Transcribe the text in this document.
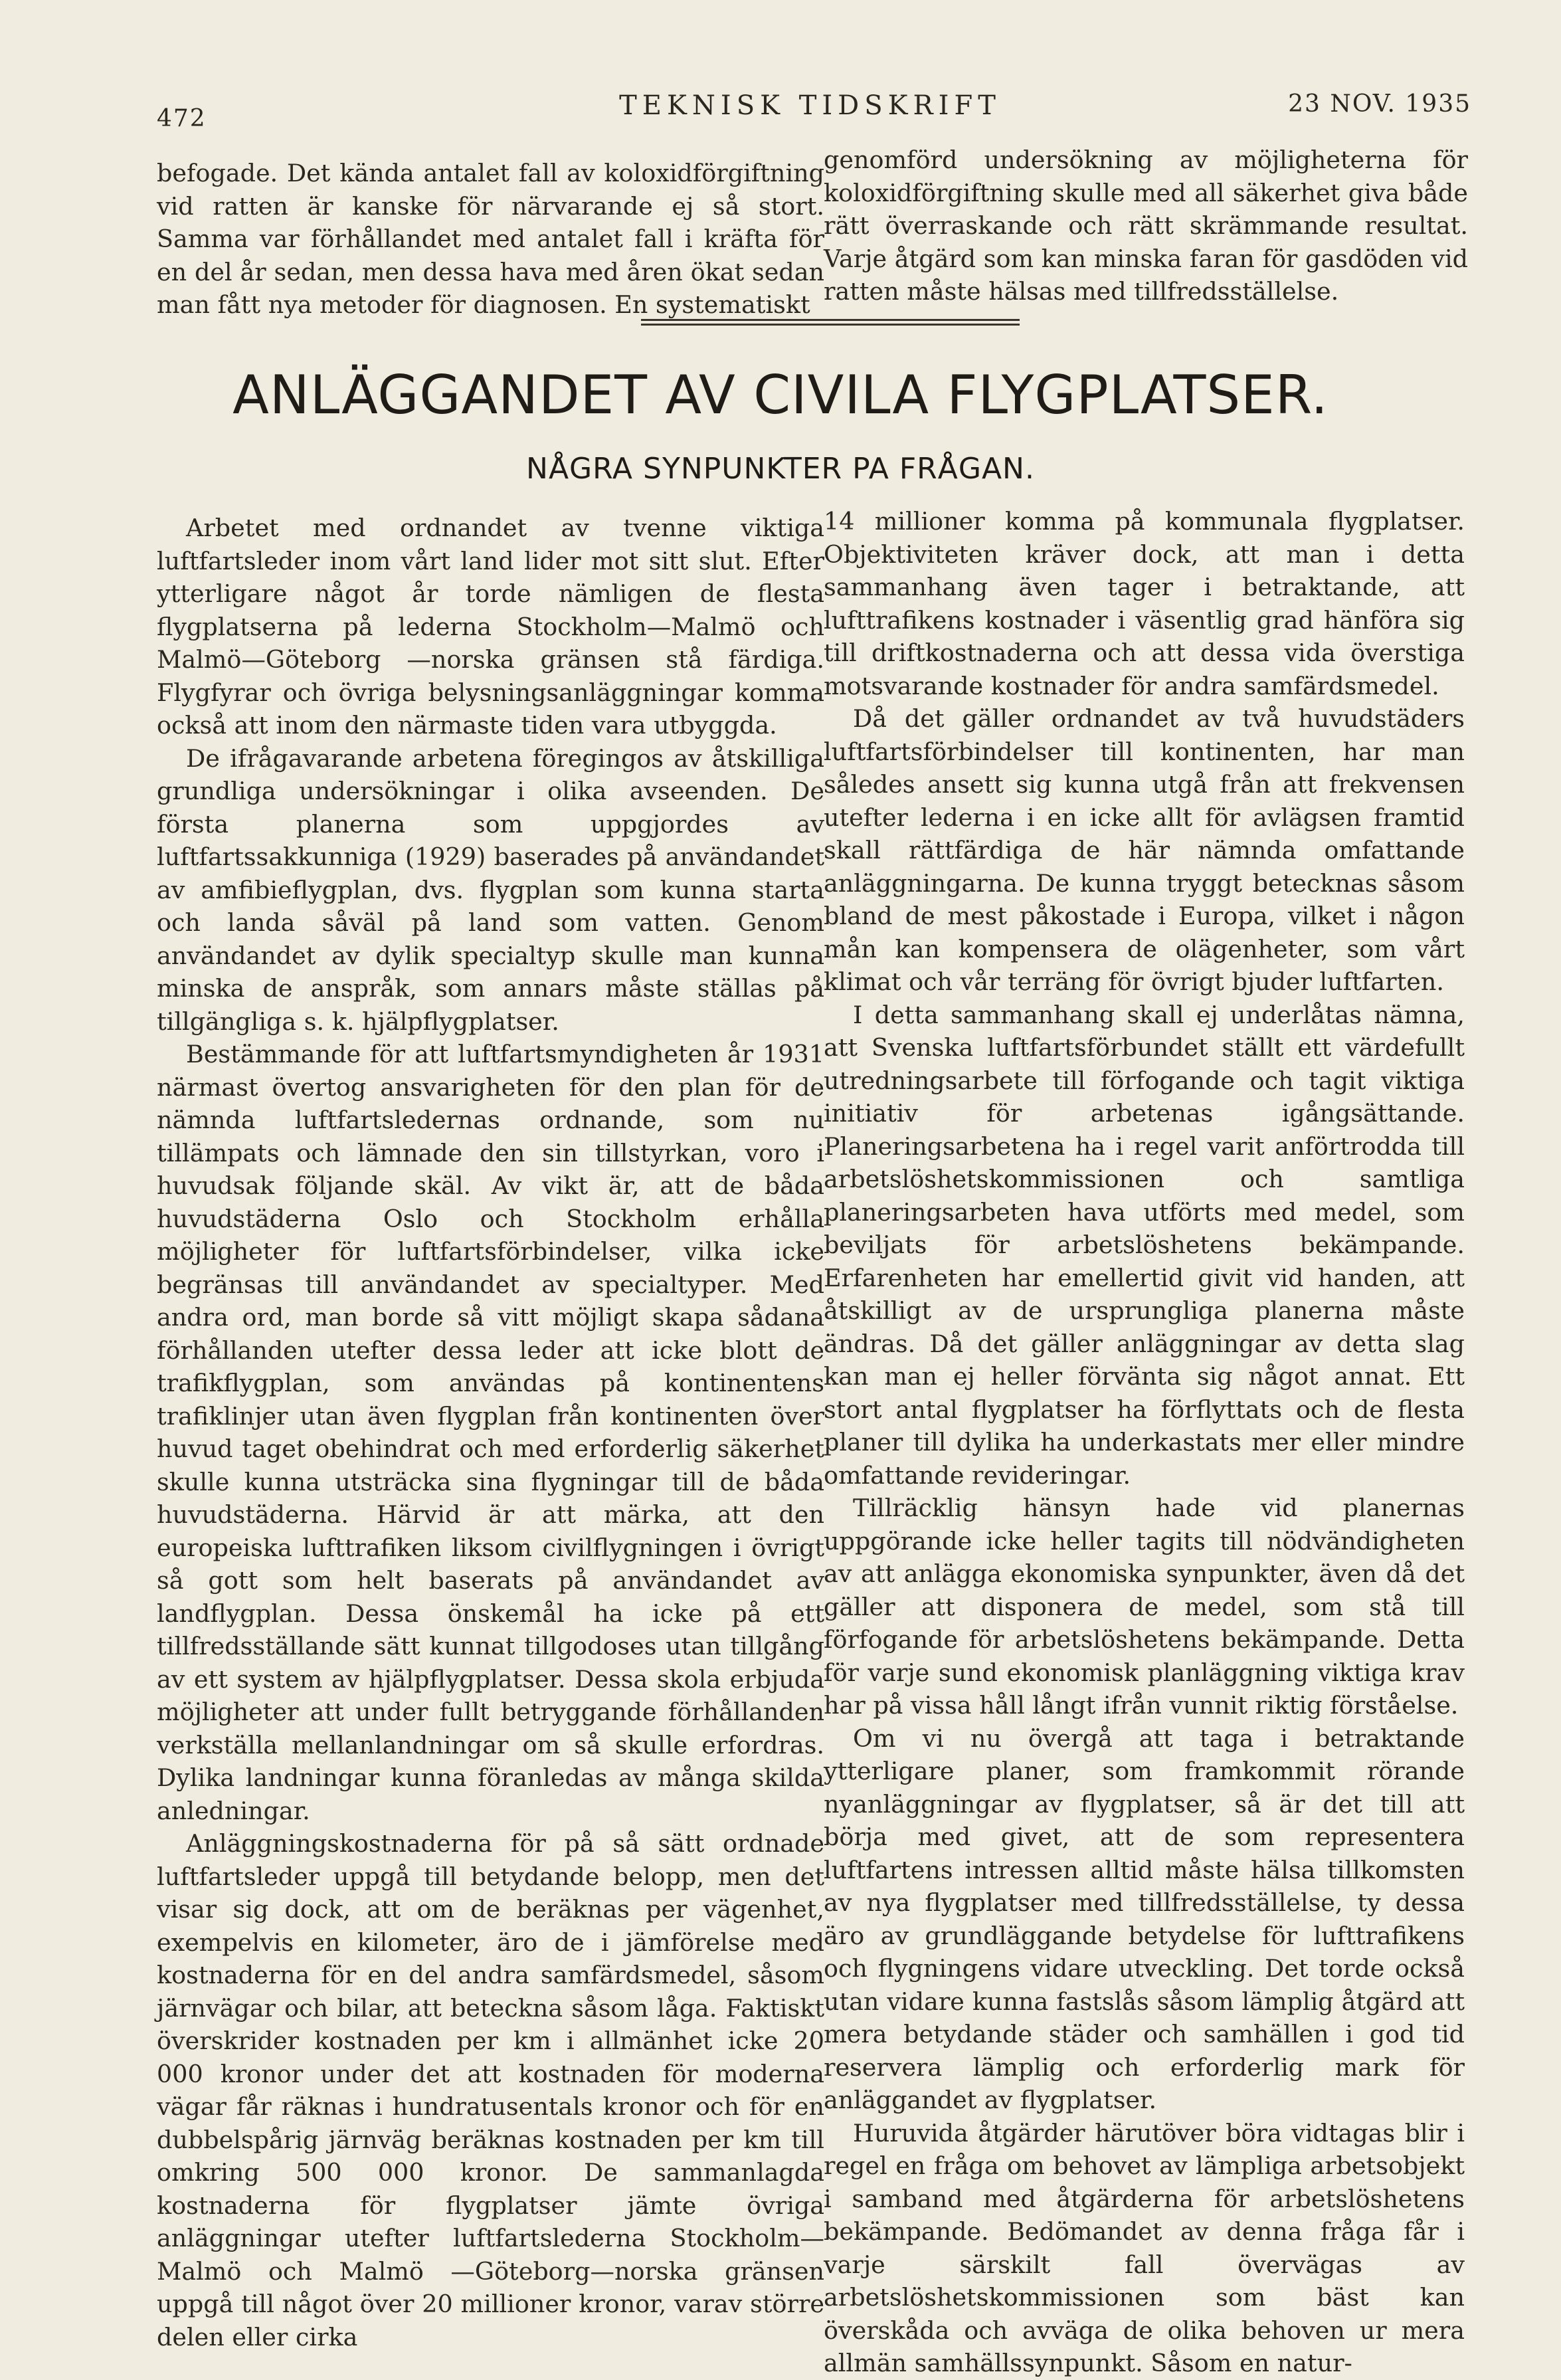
472	TEKNISK TIDSKRIFT	23 NOV. 1935

befogade. Det kända antalet fall av koloxidförgiftning vid ratten är kanske för närvarande ej så stort. Samma var förhållandet med antalet fall i kräfta för en del år sedan, men dessa hava med åren ökat sedan man fått nya metoder för diagnosen. En systematiskt

genomförd undersökning av möjligheterna för koloxidförgiftning skulle med all säkerhet giva både rätt överraskande och rätt skrämmande resultat. Varje åtgärd som kan minska faran för gasdöden vid ratten måste hälsas med tillfredsställelse.

ANLÄGGANDET AV CIVILA FLYGPLATSER.
NÅGRA SYNPUNKTER PA FRÅGAN.

Arbetet med ordnandet av tvenne viktiga luftfartsleder inom vårt land lider mot sitt slut. Efter ytterligare något år torde nämligen de flesta flygplatserna på lederna Stockholm—Malmö och Malmö—Göteborg —norska gränsen stå färdiga. Flygfyrar och övriga belysningsanläggningar komma också att inom den närmaste tiden vara utbyggda.

De ifrågavarande arbetena föregingos av åtskilliga grundliga undersökningar i olika avseenden. De första planerna som uppgjordes av luftfartssakkunniga (1929) baserades på användandet av amfibieflygplan, dvs. flygplan som kunna starta och landa såväl på land som vatten. Genom användandet av dylik specialtyp skulle man kunna minska de anspråk, som annars måste ställas på tillgängliga s. k. hjälpflygplatser.

Bestämmande för att luftfartsmyndigheten år 1931 närmast övertog ansvarigheten för den plan för de nämnda luftfartsledernas ordnande, som nu tillämpats och lämnade den sin tillstyrkan, voro i huvudsak följande skäl. Av vikt är, att de båda huvudstäderna Oslo och Stockholm erhålla möjligheter för luftfartsförbindelser, vilka icke begränsas till användandet av specialtyper. Med andra ord, man borde så vitt möjligt skapa sådana förhållanden utefter dessa leder att icke blott de trafikflygplan, som användas på kontinentens trafiklinjer utan även flygplan från kontinenten över huvud taget obehindrat och med erforderlig säkerhet skulle kunna utsträcka sina flygningar till de båda huvudstäderna. Härvid är att märka, att den europeiska lufttrafiken liksom civilflygningen i övrigt så gott som helt baserats på användandet av landflygplan. Dessa önskemål ha icke på ett tillfredsställande sätt kunnat tillgodoses utan tillgång av ett system av hjälpflygplatser. Dessa skola erbjuda möjligheter att under fullt betryggande förhållanden verkställa mellanlandningar om så skulle erfordras. Dylika landningar kunna föranledas av många skilda anledningar.

Anläggningskostnaderna för på så sätt ordnade luftfartsleder uppgå till betydande belopp, men det visar sig dock, att om de beräknas per vägenhet, exempelvis en kilometer, äro de i jämförelse med kostnaderna för en del andra samfärdsmedel, såsom järnvägar och bilar, att beteckna såsom låga. Faktiskt överskrider kostnaden per km i allmänhet icke 20 000 kronor under det att kostnaden för moderna vägar får räknas i hundratusentals kronor och för en dubbelspårig järnväg beräknas kostnaden per km till omkring 500 000 kronor. De sammanlagda kostnaderna för flygplatser jämte övriga anläggningar utefter luftfartslederna Stockholm—Malmö och Malmö —Göteborg—norska gränsen uppgå till något över 20 millioner kronor, varav större delen eller cirka

14 millioner komma på kommunala flygplatser. Objektiviteten kräver dock, att man i detta sammanhang även tager i betraktande, att lufttrafikens kostnader i väsentlig grad hänföra sig till driftkostnaderna och att dessa vida överstiga motsvarande kostnader för andra samfärdsmedel.

Då det gäller ordnandet av två huvudstäders luftfartsförbindelser till kontinenten, har man således ansett sig kunna utgå från att frekvensen utefter lederna i en icke allt för avlägsen framtid skall rättfärdiga de här nämnda omfattande anläggningarna. De kunna tryggt betecknas såsom bland de mest påkostade i Europa, vilket i någon mån kan kompensera de olägenheter, som vårt klimat och vår terräng för övrigt bjuder luftfarten.

I detta sammanhang skall ej underlåtas nämna, att Svenska luftfartsförbundet ställt ett värdefullt utredningsarbete till förfogande och tagit viktiga initiativ för arbetenas igångsättande. Planeringsarbetena ha i regel varit anförtrodda till arbetslöshetskommissionen och samtliga planeringsarbeten hava utförts med medel, som beviljats för arbetslöshetens bekämpande. Erfarenheten har emellertid givit vid handen, att åtskilligt av de ursprungliga planerna måste ändras. Då det gäller anläggningar av detta slag kan man ej heller förvänta sig något annat. Ett stort antal flygplatser ha förflyttats och de flesta planer till dylika ha underkastats mer eller mindre omfattande revideringar.

Tillräcklig hänsyn hade vid planernas uppgörande icke heller tagits till nödvändigheten av att anlägga ekonomiska synpunkter, även då det gäller att disponera de medel, som stå till förfogande för arbetslöshetens bekämpande. Detta för varje sund ekonomisk planläggning viktiga krav har på vissa håll långt ifrån vunnit riktig förståelse.

Om vi nu övergå att taga i betraktande ytterligare planer, som framkommit rörande nyanläggningar av flygplatser, så är det till att börja med givet, att de som representera luftfartens intressen alltid måste hälsa tillkomsten av nya flygplatser med tillfredsställelse, ty dessa äro av grundläggande betydelse för lufttrafikens och flygningens vidare utveckling. Det torde också utan vidare kunna fastslås såsom lämplig åtgärd att mera betydande städer och samhällen i god tid reservera lämplig och erforderlig mark för anläggandet av flygplatser.

Huruvida åtgärder härutöver böra vidtagas blir i regel en fråga om behovet av lämpliga arbetsobjekt i samband med åtgärderna för arbetslöshetens bekämpande. Bedömandet av denna fråga får i varje särskilt fall övervägas av arbetslöshetskommissionen som bäst kan överskåda och avväga de olika behoven ur mera allmän samhällssynpunkt. Såsom en natur-
